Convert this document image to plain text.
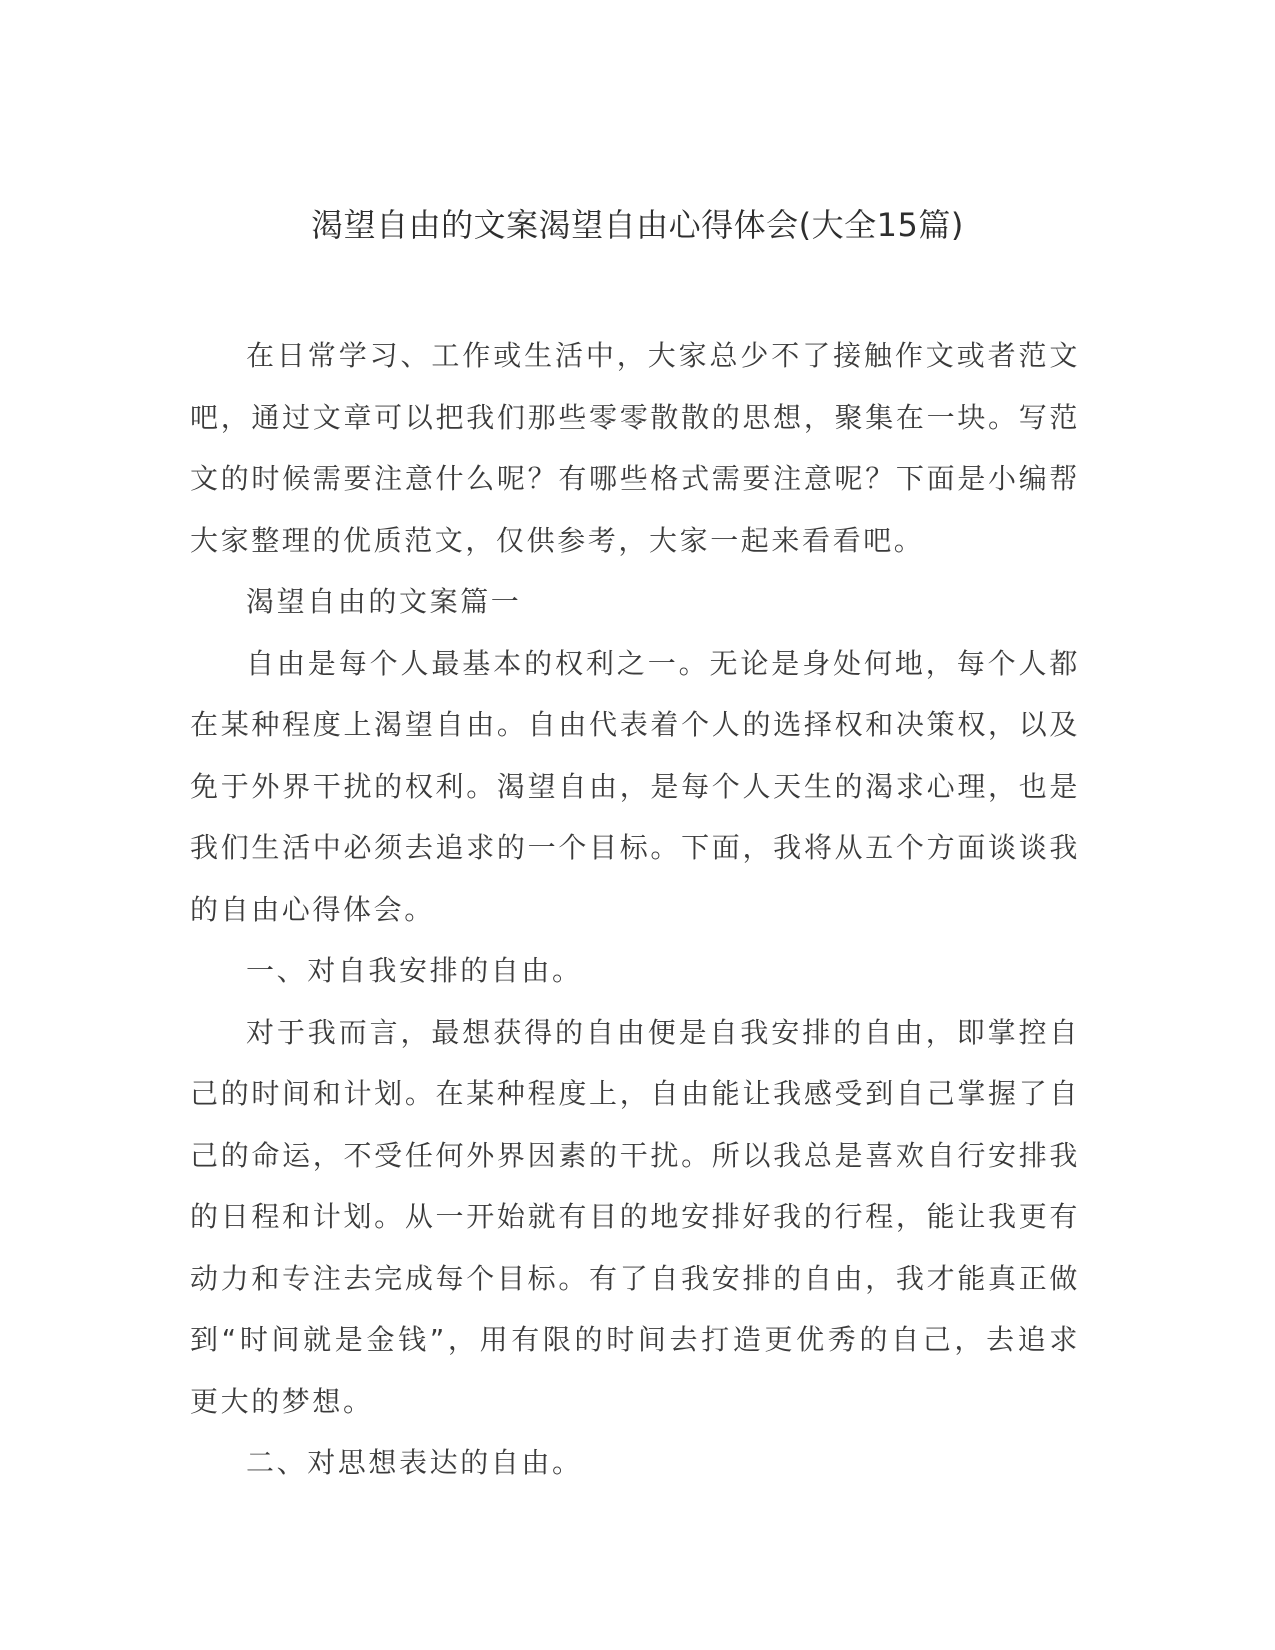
渴望自由的文案渴望自由心得体会(大全15篇)

在日常学习、工作或生活中，大家总少不了接触作文或者范文吧，通过文章可以把我们那些零零散散的思想，聚集在一块。写范文的时候需要注意什么呢？有哪些格式需要注意呢？下面是小编帮大家整理的优质范文，仅供参考，大家一起来看看吧。

渴望自由的文案篇一

自由是每个人最基本的权利之一。无论是身处何地，每个人都在某种程度上渴望自由。自由代表着个人的选择权和决策权，以及免于外界干扰的权利。渴望自由，是每个人天生的渴求心理，也是我们生活中必须去追求的一个目标。下面，我将从五个方面谈谈我的自由心得体会。

一、对自我安排的自由。

对于我而言，最想获得的自由便是自我安排的自由，即掌控自己的时间和计划。在某种程度上，自由能让我感受到自己掌握了自己的命运，不受任何外界因素的干扰。所以我总是喜欢自行安排我的日程和计划。从一开始就有目的地安排好我的行程，能让我更有动力和专注去完成每个目标。有了自我安排的自由，我才能真正做到“时间就是金钱”，用有限的时间去打造更优秀的自己，去追求更大的梦想。

二、对思想表达的自由。
